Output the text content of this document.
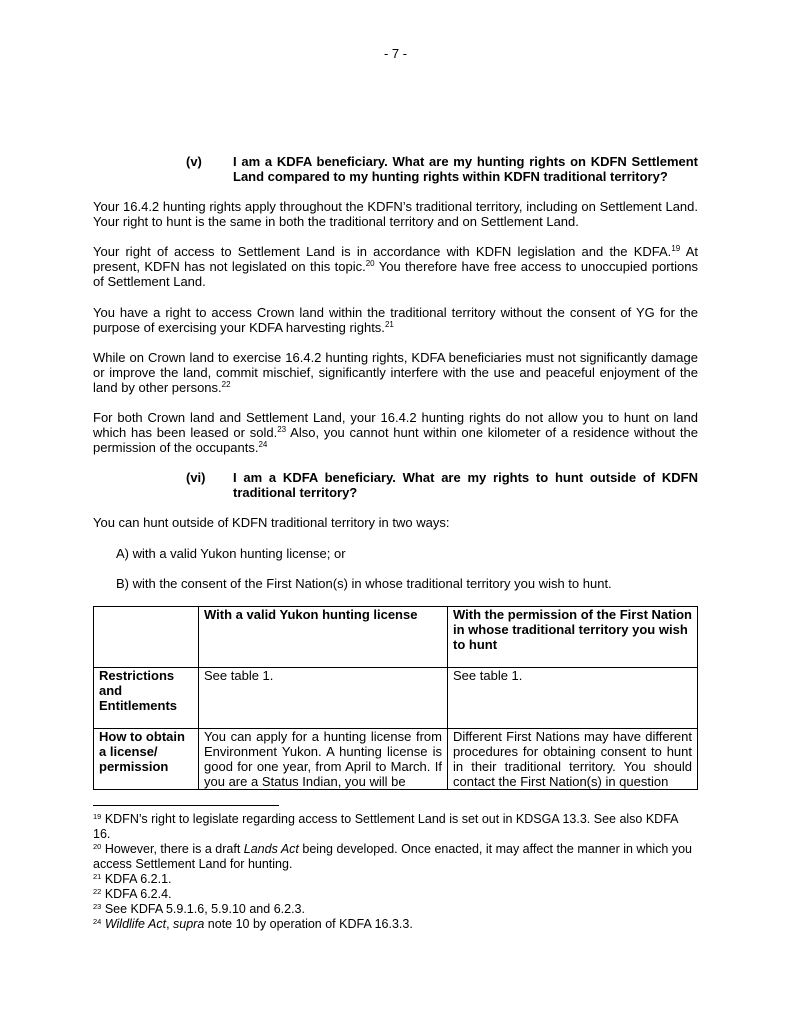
- 7 -
(v) I am a KDFA beneficiary. What are my hunting rights on KDFN Settlement Land compared to my hunting rights within KDFN traditional territory?
Your 16.4.2 hunting rights apply throughout the KDFN’s traditional territory, including on Settlement Land. Your right to hunt is the same in both the traditional territory and on Settlement Land.
Your right of access to Settlement Land is in accordance with KDFN legislation and the KDFA.$^{19}$ At present, KDFN has not legislated on this topic.$^{20}$ You therefore have free access to unoccupied portions of Settlement Land.
You have a right to access Crown land within the traditional territory without the consent of YG for the purpose of exercising your KDFA harvesting rights.$^{21}$
While on Crown land to exercise 16.4.2 hunting rights, KDFA beneficiaries must not significantly damage or improve the land, commit mischief, significantly interfere with the use and peaceful enjoyment of the land by other persons.$^{22}$
For both Crown land and Settlement Land, your 16.4.2 hunting rights do not allow you to hunt on land which has been leased or sold.$^{23}$ Also, you cannot hunt within one kilometer of a residence without the permission of the occupants.$^{24}$
(vi) I am a KDFA beneficiary. What are my rights to hunt outside of KDFN traditional territory?
You can hunt outside of KDFN traditional territory in two ways:
A) with a valid Yukon hunting license; or
B) with the consent of the First Nation(s) in whose traditional territory you wish to hunt.
	With a valid Yukon hunting license	With the permission of the First Nation in whose traditional territory you wish to hunt
Restrictions and Entitlements	See table 1.	See table 1.
How to obtain a license/ permission	You can apply for a hunting license from Environment Yukon. A hunting license is good for one year, from April to March. If you are a Status Indian, you will be	Different First Nations may have different procedures for obtaining consent to hunt in their traditional territory. You should contact the First Nation(s) in question
$^{19}$ KDFN’s right to legislate regarding access to Settlement Land is set out in KDSGA 13.3. See also KDFA 16.
$^{20}$ However, there is a draft Lands Act being developed. Once enacted, it may affect the manner in which you access Settlement Land for hunting.
$^{21}$ KDFA 6.2.1.
$^{22}$ KDFA 6.2.4.
$^{23}$ See KDFA 5.9.1.6, 5.9.10 and 6.2.3.
$^{24}$ Wildlife Act, supra note 10 by operation of KDFA 16.3.3.
